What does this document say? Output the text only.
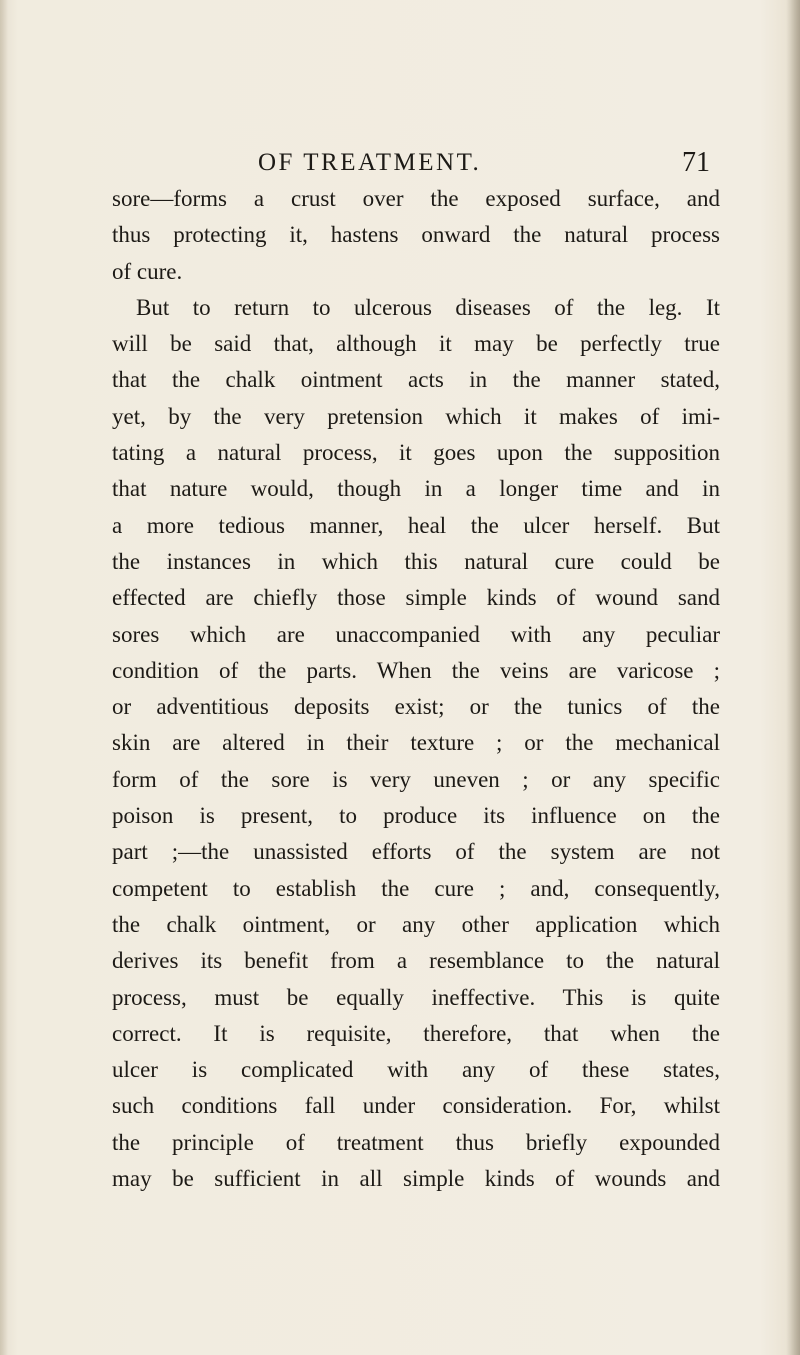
OF TREATMENT.	71
sore—forms a crust over the exposed surface, and
thus protecting it, hastens onward the natural process
of cure.
But to return to ulcerous diseases of the leg. It
will be said that, although it may be perfectly true
that the chalk ointment acts in the manner stated,
yet, by the very pretension which it makes of imi-
tating a natural process, it goes upon the supposition
that nature would, though in a longer time and in
a more tedious manner, heal the ulcer herself. But
the instances in which this natural cure could be
effected are chiefly those simple kinds of wound sand
sores which are unaccompanied with any peculiar
condition of the parts. When the veins are varicose ;
or adventitious deposits exist; or the tunics of the
skin are altered in their texture ; or the mechanical
form of the sore is very uneven ; or any specific
poison is present, to produce its influence on the
part ;—the unassisted efforts of the system are not
competent to establish the cure ; and, consequently,
the chalk ointment, or any other application which
derives its benefit from a resemblance to the natural
process, must be equally ineffective. This is quite
correct. It is requisite, therefore, that when the
ulcer is complicated with any of these states,
such conditions fall under consideration. For, whilst
the principle of treatment thus briefly expounded
may be sufficient in all simple kinds of wounds and
